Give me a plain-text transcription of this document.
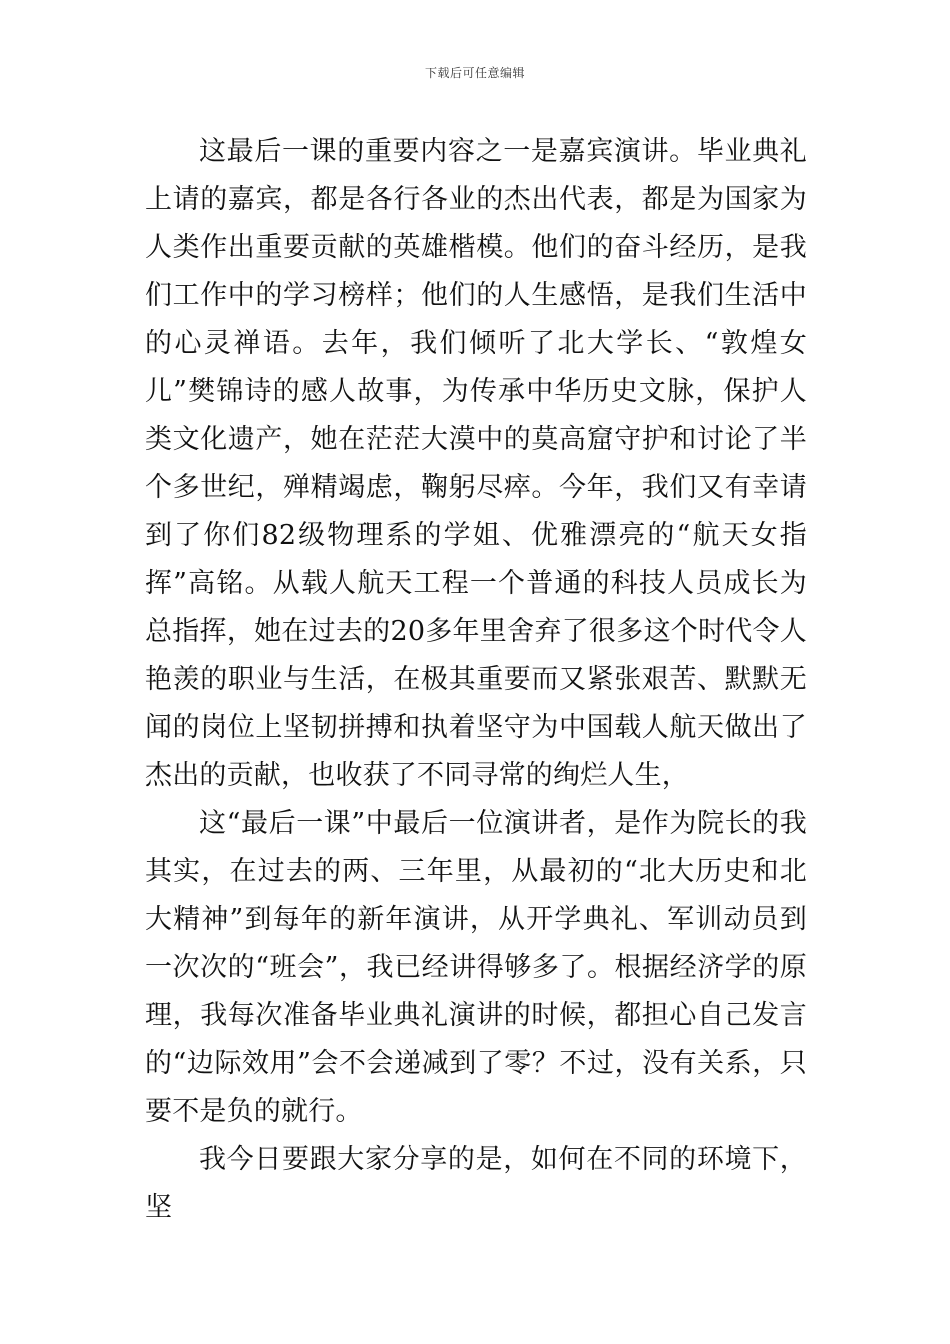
下载后可任意编辑

这最后一课的重要内容之一是嘉宾演讲。毕业典礼上请的嘉宾，都是各行各业的杰出代表，都是为国家为人类作出重要贡献的英雄楷模。他们的奋斗经历，是我们工作中的学习榜样；他们的人生感悟，是我们生活中的心灵禅语。去年，我们倾听了北大学长、“敦煌女儿”樊锦诗的感人故事，为传承中华历史文脉，保护人类文化遗产，她在茫茫大漠中的莫高窟守护和讨论了半个多世纪，殚精竭虑，鞠躬尽瘁。今年，我们又有幸请到了你们82级物理系的学姐、优雅漂亮的“航天女指挥”高铭。从载人航天工程一个普通的科技人员成长为总指挥，她在过去的20多年里舍弃了很多这个时代令人艳羡的职业与生活，在极其重要而又紧张艰苦、默默无闻的岗位上坚韧拼搏和执着坚守为中国载人航天做出了杰出的贡献，也收获了不同寻常的绚烂人生，

这“最后一课”中最后一位演讲者，是作为院长的我其实，在过去的两、三年里，从最初的“北大历史和北大精神”到每年的新年演讲，从开学典礼、军训动员到一次次的“班会”，我已经讲得够多了。根据经济学的原理，我每次准备毕业典礼演讲的时候，都担心自己发言的“边际效用”会不会递减到了零？不过，没有关系，只要不是负的就行。

我今日要跟大家分享的是，如何在不同的环境下，坚
